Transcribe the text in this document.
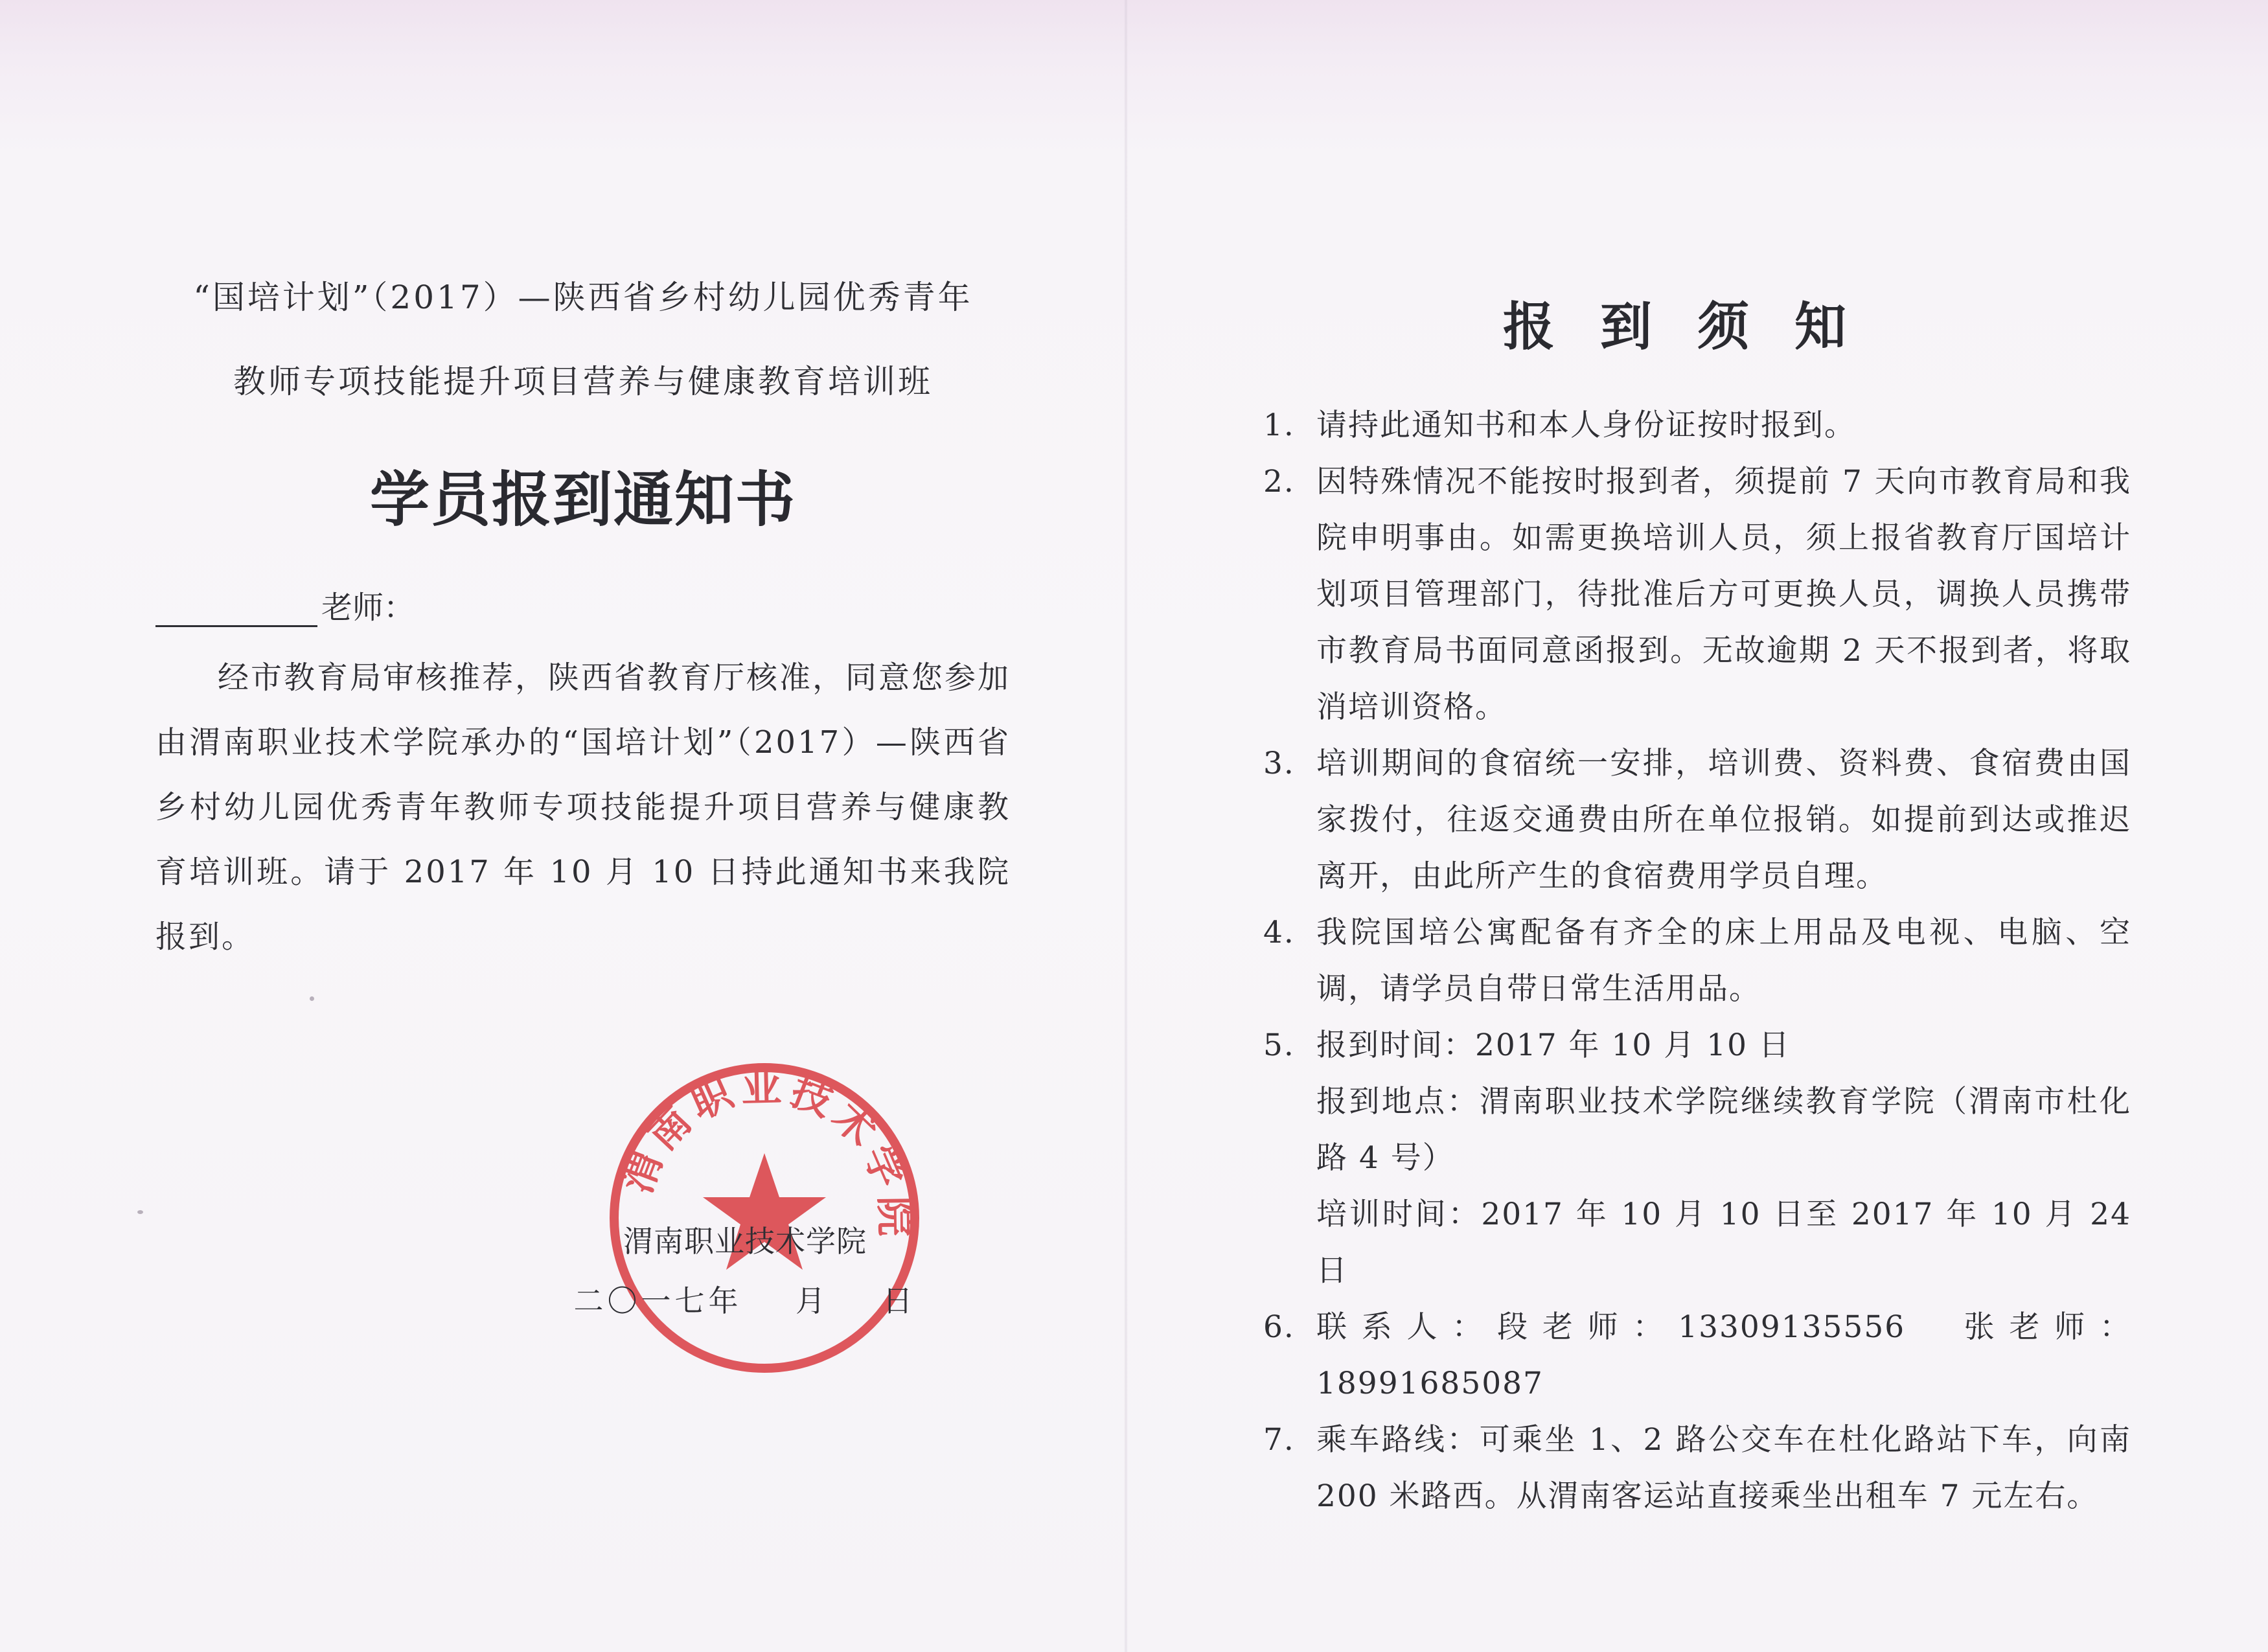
“国培计划”（2017）—陕西省乡村幼儿园优秀青年
教师专项技能提升项目营养与健康教育培训班
学员报到通知书
老师：
经市教育局审核推荐，陕西省教育厅核准，同意您参加由渭南职业技术学院承办的“国培计划”（2017）—陕西省乡村幼儿园优秀青年教师专项技能提升项目营养与健康教育培训班。请于 2017 年 10 月 10 日持此通知书来我院报到。
渭南职业技术学院
渭南职业技术学院
二〇一七年    月    日
报到须知
1. 请持此通知书和本人身份证按时报到。
2. 因特殊情况不能按时报到者，须提前 7 天向市教育局和我院申明事由。如需更换培训人员，须上报省教育厅国培计划项目管理部门，待批准后方可更换人员，调换人员携带市教育局书面同意函报到。无故逾期 2 天不报到者，将取消培训资格。
3. 培训期间的食宿统一安排，培训费、资料费、食宿费由国家拨付，往返交通费由所在单位报销。如提前到达或推迟离开，由此所产生的食宿费用学员自理。
4. 我院国培公寓配备有齐全的床上用品及电视、电脑、空调，请学员自带日常生活用品。
5. 报到时间：2017 年 10 月 10 日
报到地点：渭南职业技术学院继续教育学院（渭南市杜化路 4 号）
培训时间：2017 年 10 月 10 日至 2017 年 10 月 24 日
6. 联系人：段老师：13309135556　张老师：18991685087
7. 乘车路线：可乘坐 1、2 路公交车在杜化路站下车，向南 200 米路西。从渭南客运站直接乘坐出租车 7 元左右。
